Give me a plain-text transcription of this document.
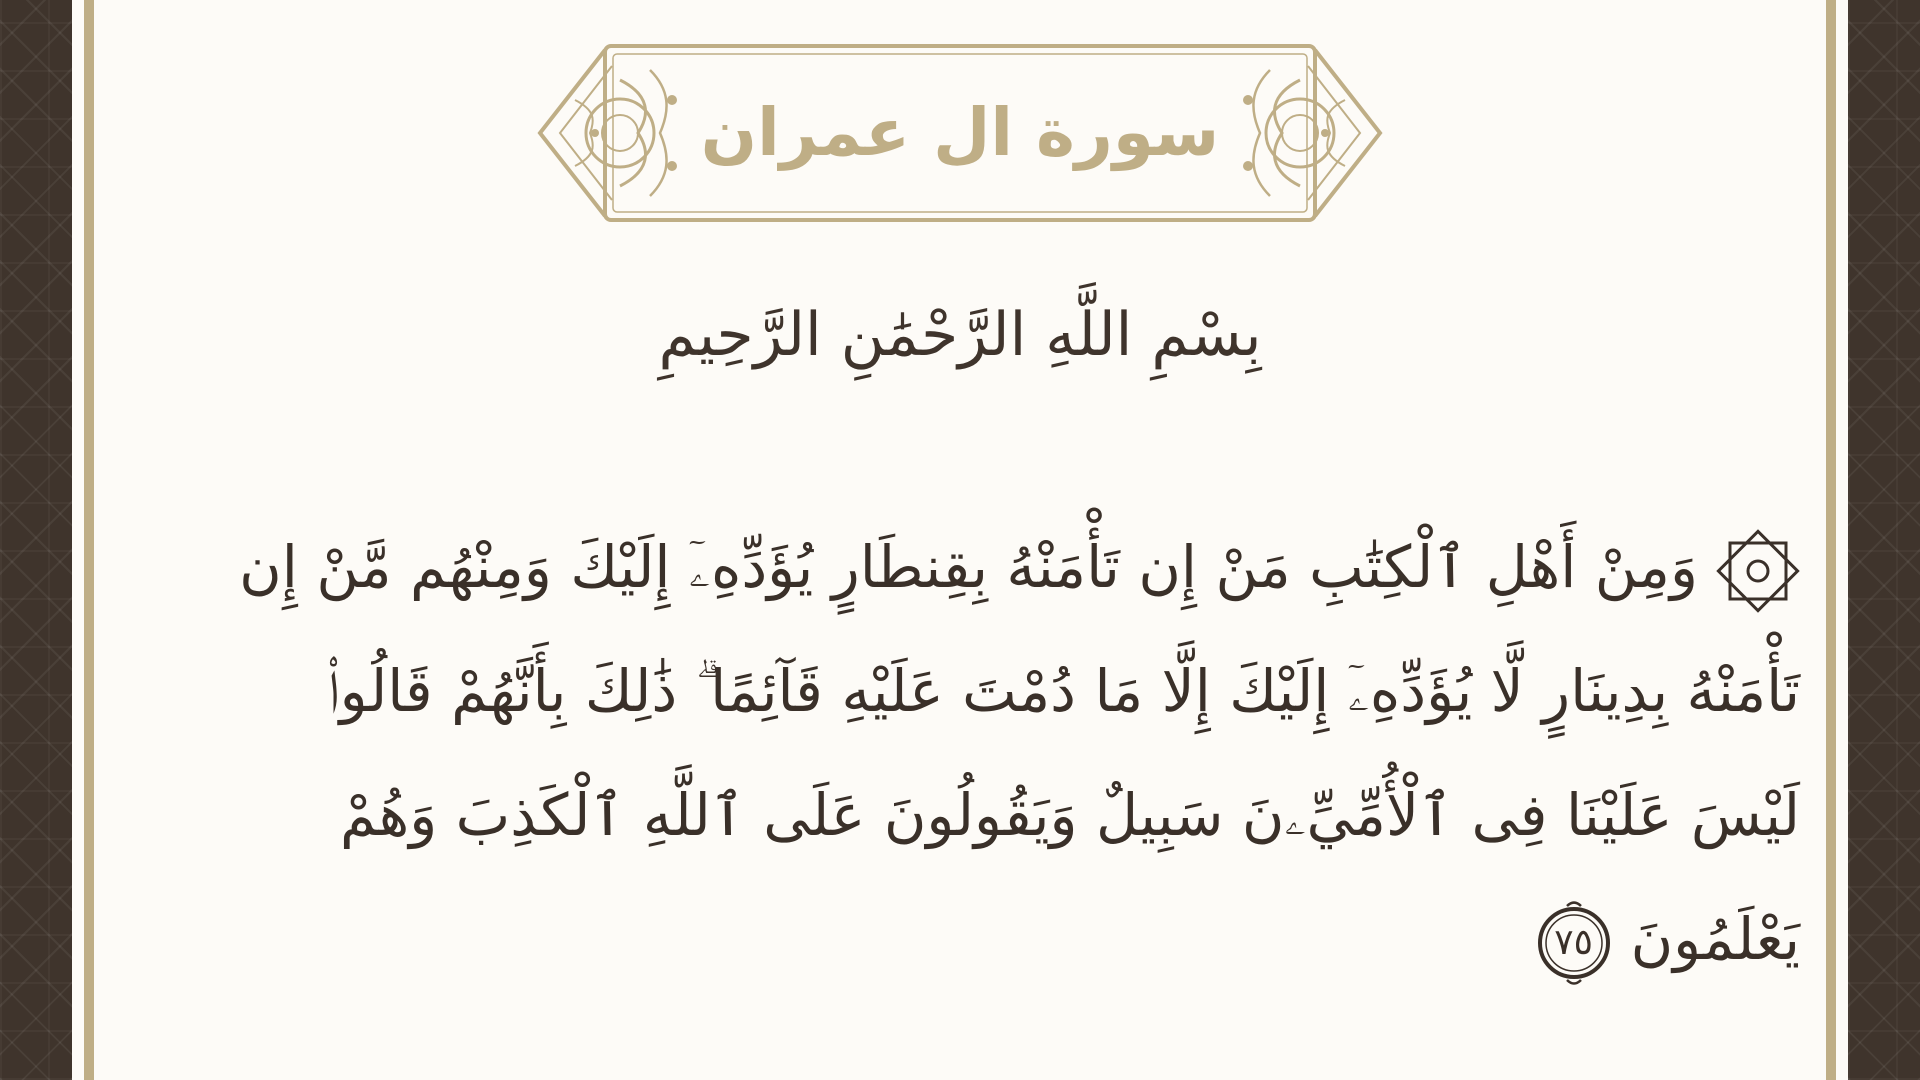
سورة ال عمران
بِسْمِ اللَّهِ الرَّحْمَٰنِ الرَّحِيمِ
وَمِنْ أَهْلِ ٱلْكِتَٰبِ مَنْ إِن تَأْمَنْهُ بِقِنطَارٍ يُؤَدِّهِۦٓ إِلَيْكَ وَمِنْهُم مَّنْ إِن تَأْمَنْهُ بِدِينَارٍ لَّا يُؤَدِّهِۦٓ إِلَيْكَ إِلَّا مَا دُمْتَ عَلَيْهِ قَآئِمًا ۗ ذَٰلِكَ بِأَنَّهُمْ قَالُوا۟ لَيْسَ عَلَيْنَا فِى ٱلْأُمِّيِّۦنَ سَبِيلٌ وَيَقُولُونَ عَلَى ٱللَّهِ ٱلْكَذِبَ وَهُمْ يَعْلَمُونَ
٧٥
